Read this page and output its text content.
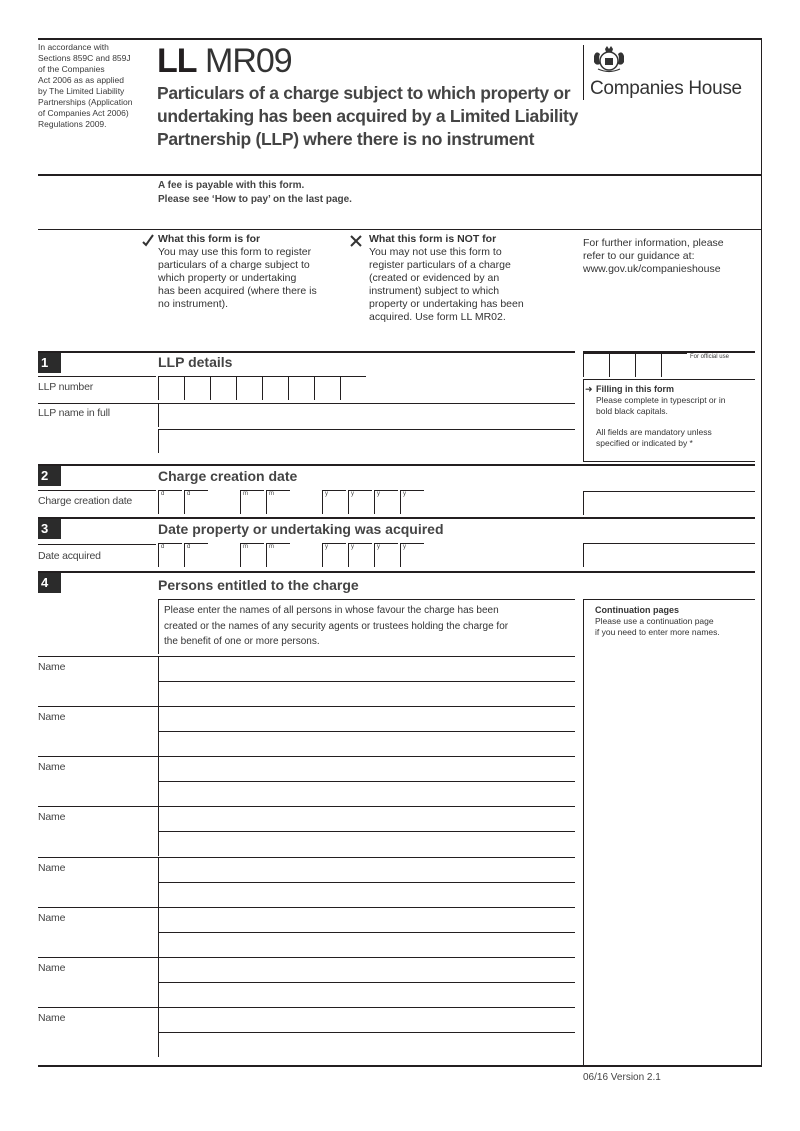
In accordance with
Sections 859C and 859J
of the Companies
Act 2006 as as applied
by The Limited Liability
Partnerships (Application
of Companies Act 2006)
Regulations 2009.
LL MR09
Particulars of a charge subject to which property or
undertaking has been acquired by a Limited Liability
Partnership (LLP) where there is no instrument
Companies House
A fee is payable with this form.
Please see ‘How to pay’ on the last page.
What this form is for
You may use this form to register
particulars of a charge subject to
which property or undertaking
has been acquired (where there is
no instrument).
What this form is NOT for
You may not use this form to
register particulars of a charge
(created or evidenced by an
instrument) subject to which
property or undertaking has been
acquired. Use form LL MR02.
For further information, please
refer to our guidance at:
www.gov.uk/companieshouse
1	LLP details
LLP number
LLP name in full
For official use
➜ Filling in this form
Please complete in typescript or in
bold black capitals.
All fields are mandatory unless
specified or indicated by *
2	Charge creation date
Charge creation date
d	d	m	m	y	y	y	y
3	Date property or undertaking was acquired
Date acquired
d	d	m	m	y	y	y	y
4	Persons entitled to the charge
Please enter the names of all persons in whose favour the charge has been
created or the names of any security agents or trustees holding the charge for
the benefit of one or more persons.
Continuation pages
Please use a continuation page
if you need to enter more names.
Name
Name
Name
Name
Name
Name
Name
Name
06/16 Version 2.1
